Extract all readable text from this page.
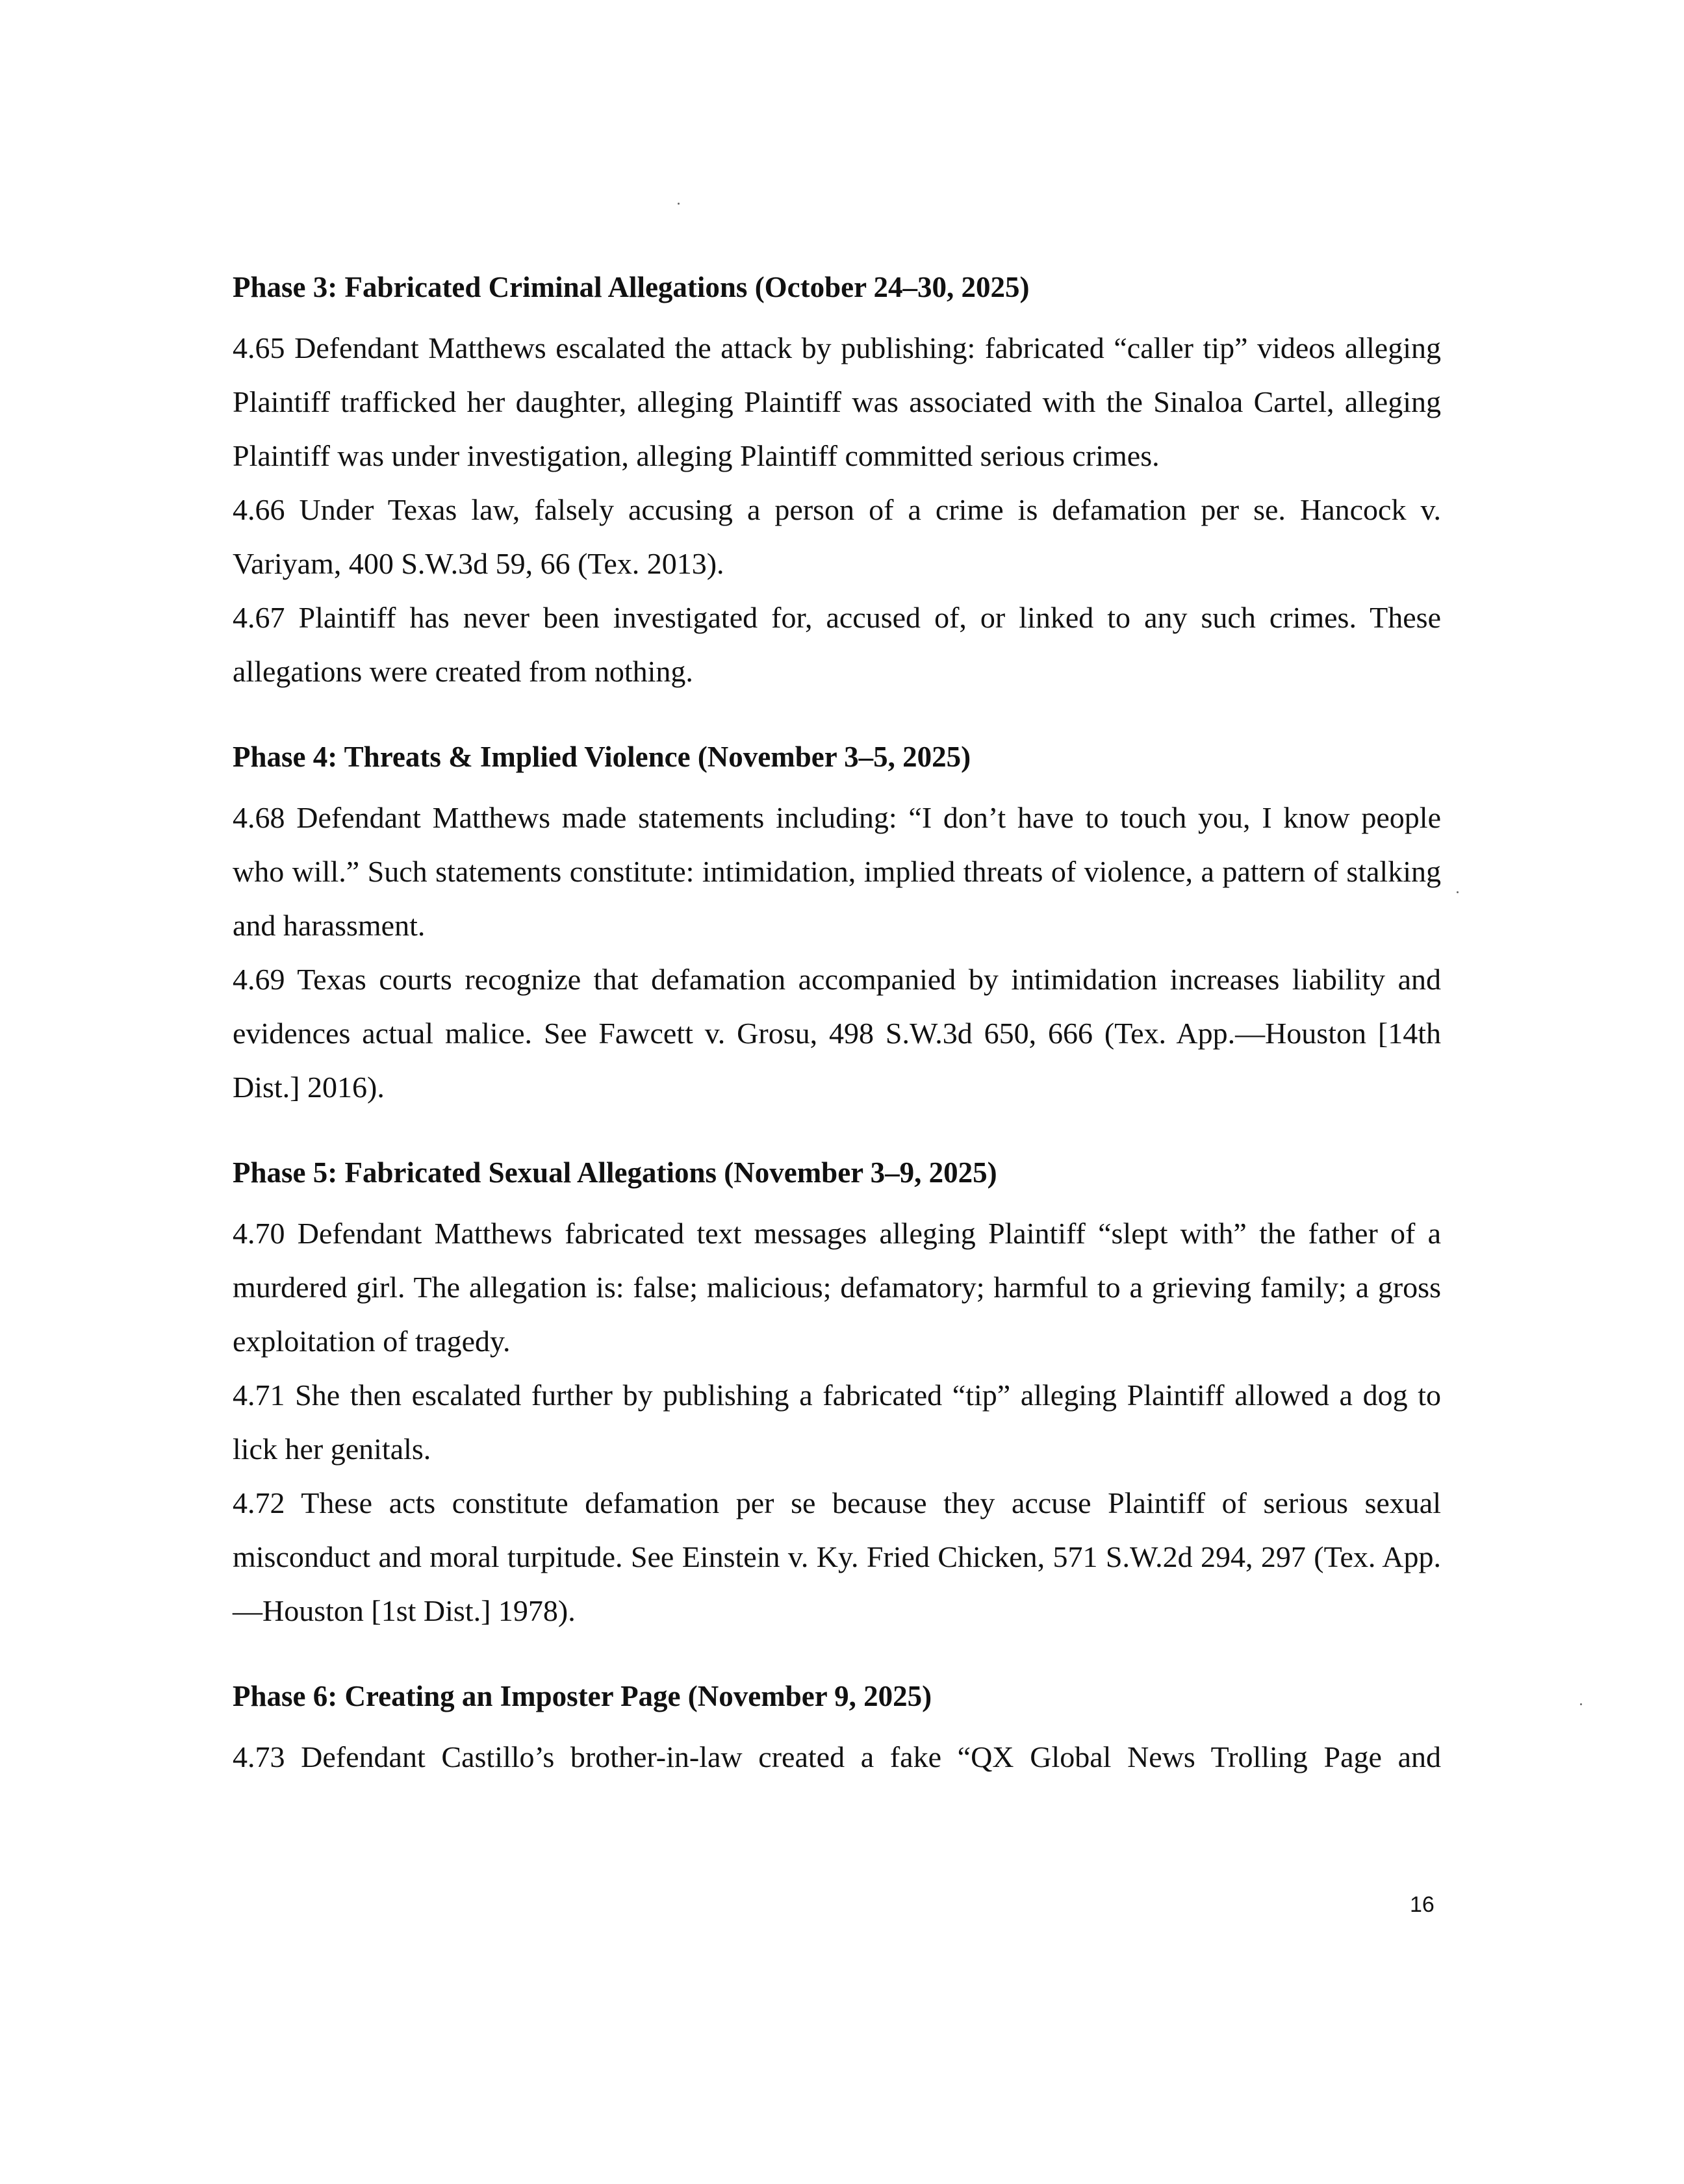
Phase 3: Fabricated Criminal Allegations (October 24–30, 2025)

4.65 Defendant Matthews escalated the attack by publishing: fabricated “caller tip” videos alleging Plaintiff trafficked her daughter, alleging Plaintiff was associated with the Sinaloa Cartel, alleging Plaintiff was under investigation, alleging Plaintiff committed serious crimes.

4.66 Under Texas law, falsely accusing a person of a crime is defamation per se. Hancock v. Variyam, 400 S.W.3d 59, 66 (Tex. 2013).

4.67 Plaintiff has never been investigated for, accused of, or linked to any such crimes. These allegations were created from nothing.

Phase 4: Threats & Implied Violence (November 3–5, 2025)

4.68 Defendant Matthews made statements including: “I don’t have to touch you, I know people who will.” Such statements constitute: intimidation, implied threats of violence, a pattern of stalking and harassment.

4.69 Texas courts recognize that defamation accompanied by intimidation increases liability and evidences actual malice. See Fawcett v. Grosu, 498 S.W.3d 650, 666 (Tex. App.—Houston [14th Dist.] 2016).

Phase 5: Fabricated Sexual Allegations (November 3–9, 2025)

4.70 Defendant Matthews fabricated text messages alleging Plaintiff “slept with” the father of a murdered girl. The allegation is: false; malicious; defamatory; harmful to a grieving family; a gross exploitation of tragedy.

4.71 She then escalated further by publishing a fabricated “tip” alleging Plaintiff allowed a dog to lick her genitals.

4.72 These acts constitute defamation per se because they accuse Plaintiff of serious sexual misconduct and moral turpitude. See Einstein v. Ky. Fried Chicken, 571 S.W.2d 294, 297 (Tex. App.—Houston [1st Dist.] 1978).

Phase 6: Creating an Imposter Page (November 9, 2025)

4.73 Defendant Castillo’s brother-in-law created a fake “QX Global News Trolling Page and

16
